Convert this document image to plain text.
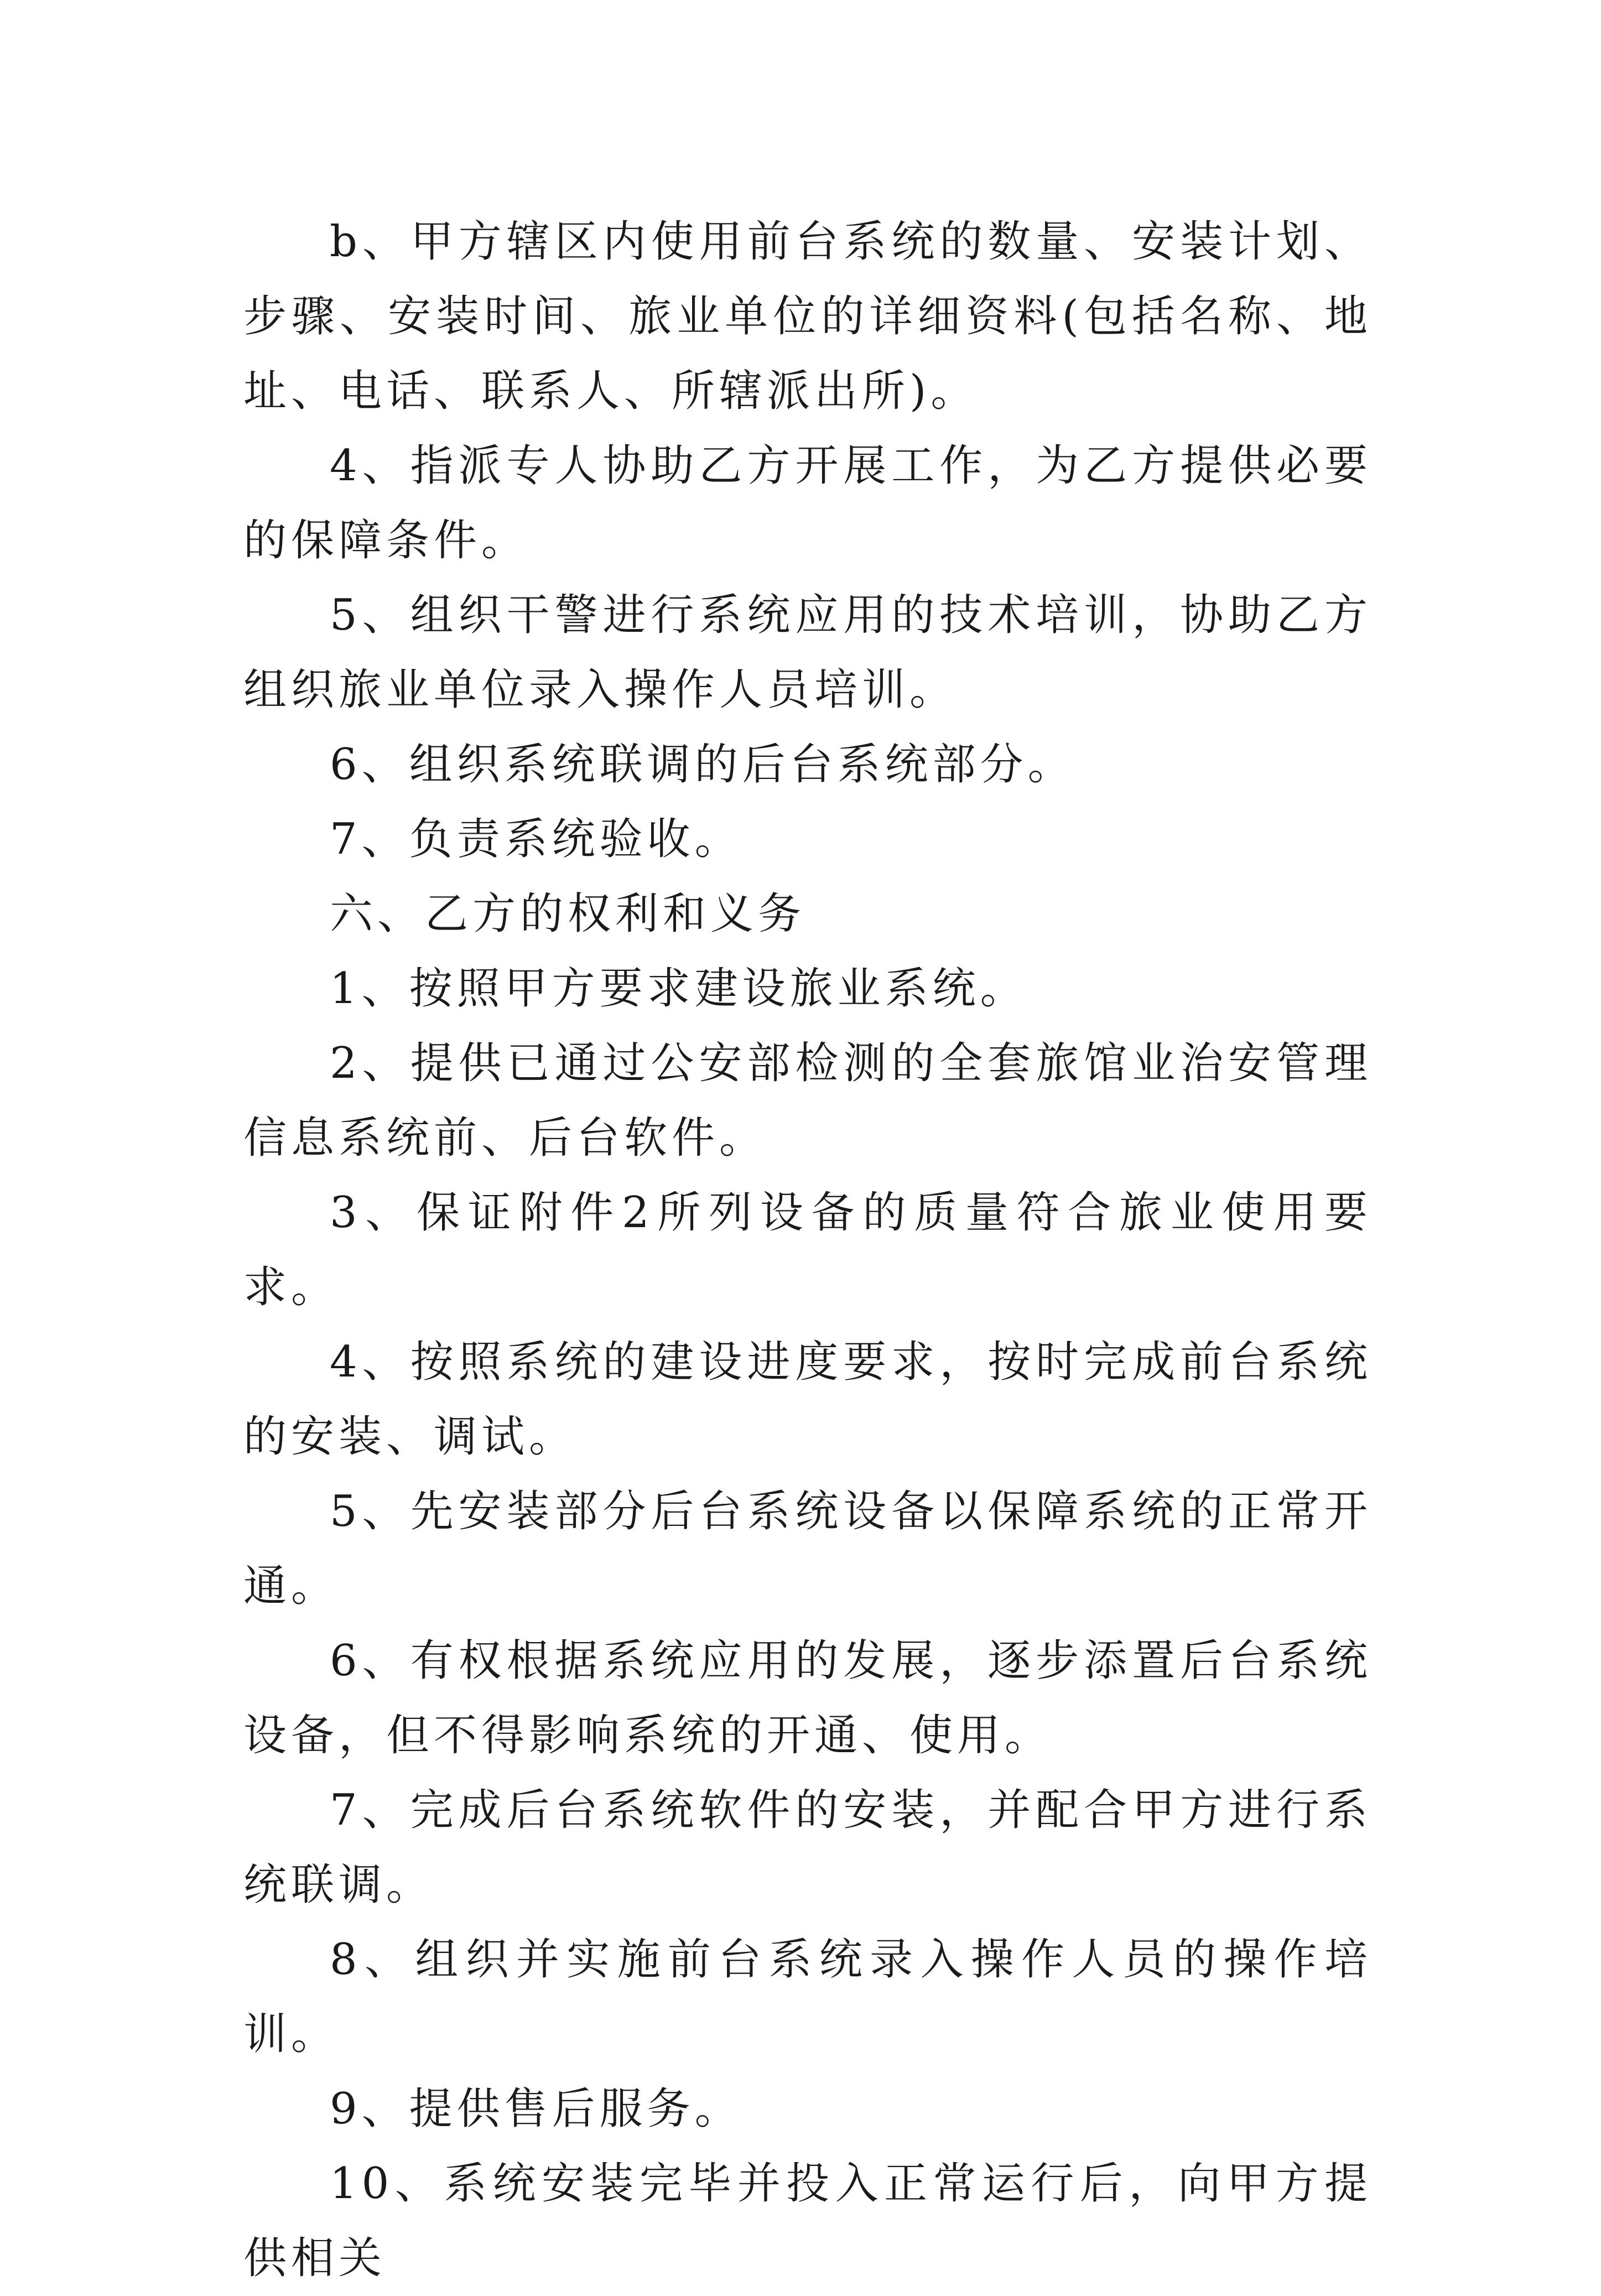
b、甲方辖区内使用前台系统的数量、安装计划、步骤、安装时间、旅业单位的详细资料(包括名称、地址、电话、联系人、所辖派出所)。

4、指派专人协助乙方开展工作，为乙方提供必要的保障条件。

5、组织干警进行系统应用的技术培训，协助乙方组织旅业单位录入操作人员培训。

6、组织系统联调的后台系统部分。

7、负责系统验收。

六、乙方的权利和义务

1、按照甲方要求建设旅业系统。

2、提供已通过公安部检测的全套旅馆业治安管理信息系统前、后台软件。

3、保证附件2所列设备的质量符合旅业使用要求。

4、按照系统的建设进度要求，按时完成前台系统的安装、调试。

5、先安装部分后台系统设备以保障系统的正常开通。

6、有权根据系统应用的发展，逐步添置后台系统设备，但不得影响系统的开通、使用。

7、完成后台系统软件的安装，并配合甲方进行系统联调。

8、组织并实施前台系统录入操作人员的操作培训。

9、提供售后服务。

10、系统安装完毕并投入正常运行后，向甲方提供相关
